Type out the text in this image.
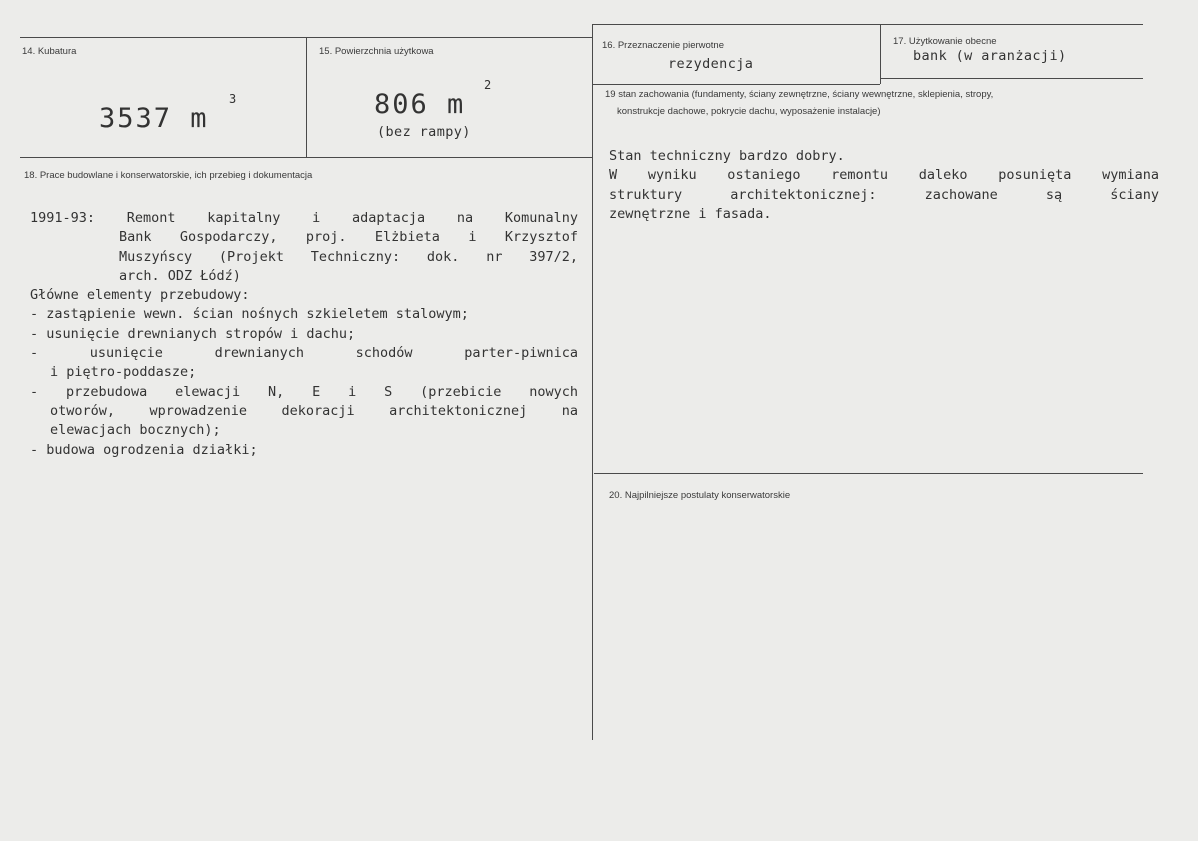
14. Kubatura
3537 m
3
15. Powierzchnia użytkowa
806 m
2
(bez rampy)
16. Przeznaczenie pierwotne
rezydencja
17. Użytkowanie obecne
bank (w aranżacji)
18. Prace budowlane i konserwatorskie, ich przebieg i dokumentacja
1991-93: Remont kapitalny i adaptacja na Komunalny
Bank Gospodarczy, proj. Elżbieta i Krzysztof
Muszyńscy (Projekt Techniczny: dok. nr 397/2,
arch. ODZ Łódź)
Główne elementy przebudowy:
- zastąpienie wewn. ścian nośnych szkieletem stalowym;
- usunięcie drewnianych stropów i dachu;
- usunięcie drewnianych schodów parter-piwnica
i piętro-poddasze;
- przebudowa elewacji N, E i S (przebicie nowych
otworów, wprowadzenie dekoracji architektonicznej na
elewacjach bocznych);
- budowa ogrodzenia działki;
19 stan zachowania (fundamenty, ściany zewnętrzne, ściany wewnętrzne, sklepienia, stropy,
konstrukcje dachowe, pokrycie dachu, wyposażenie instalacje)
Stan techniczny bardzo dobry.
W wyniku ostaniego remontu daleko posunięta wymiana
struktury architektonicznej: zachowane są ściany
zewnętrzne i fasada.
20. Najpilniejsze postulaty konserwatorskie
